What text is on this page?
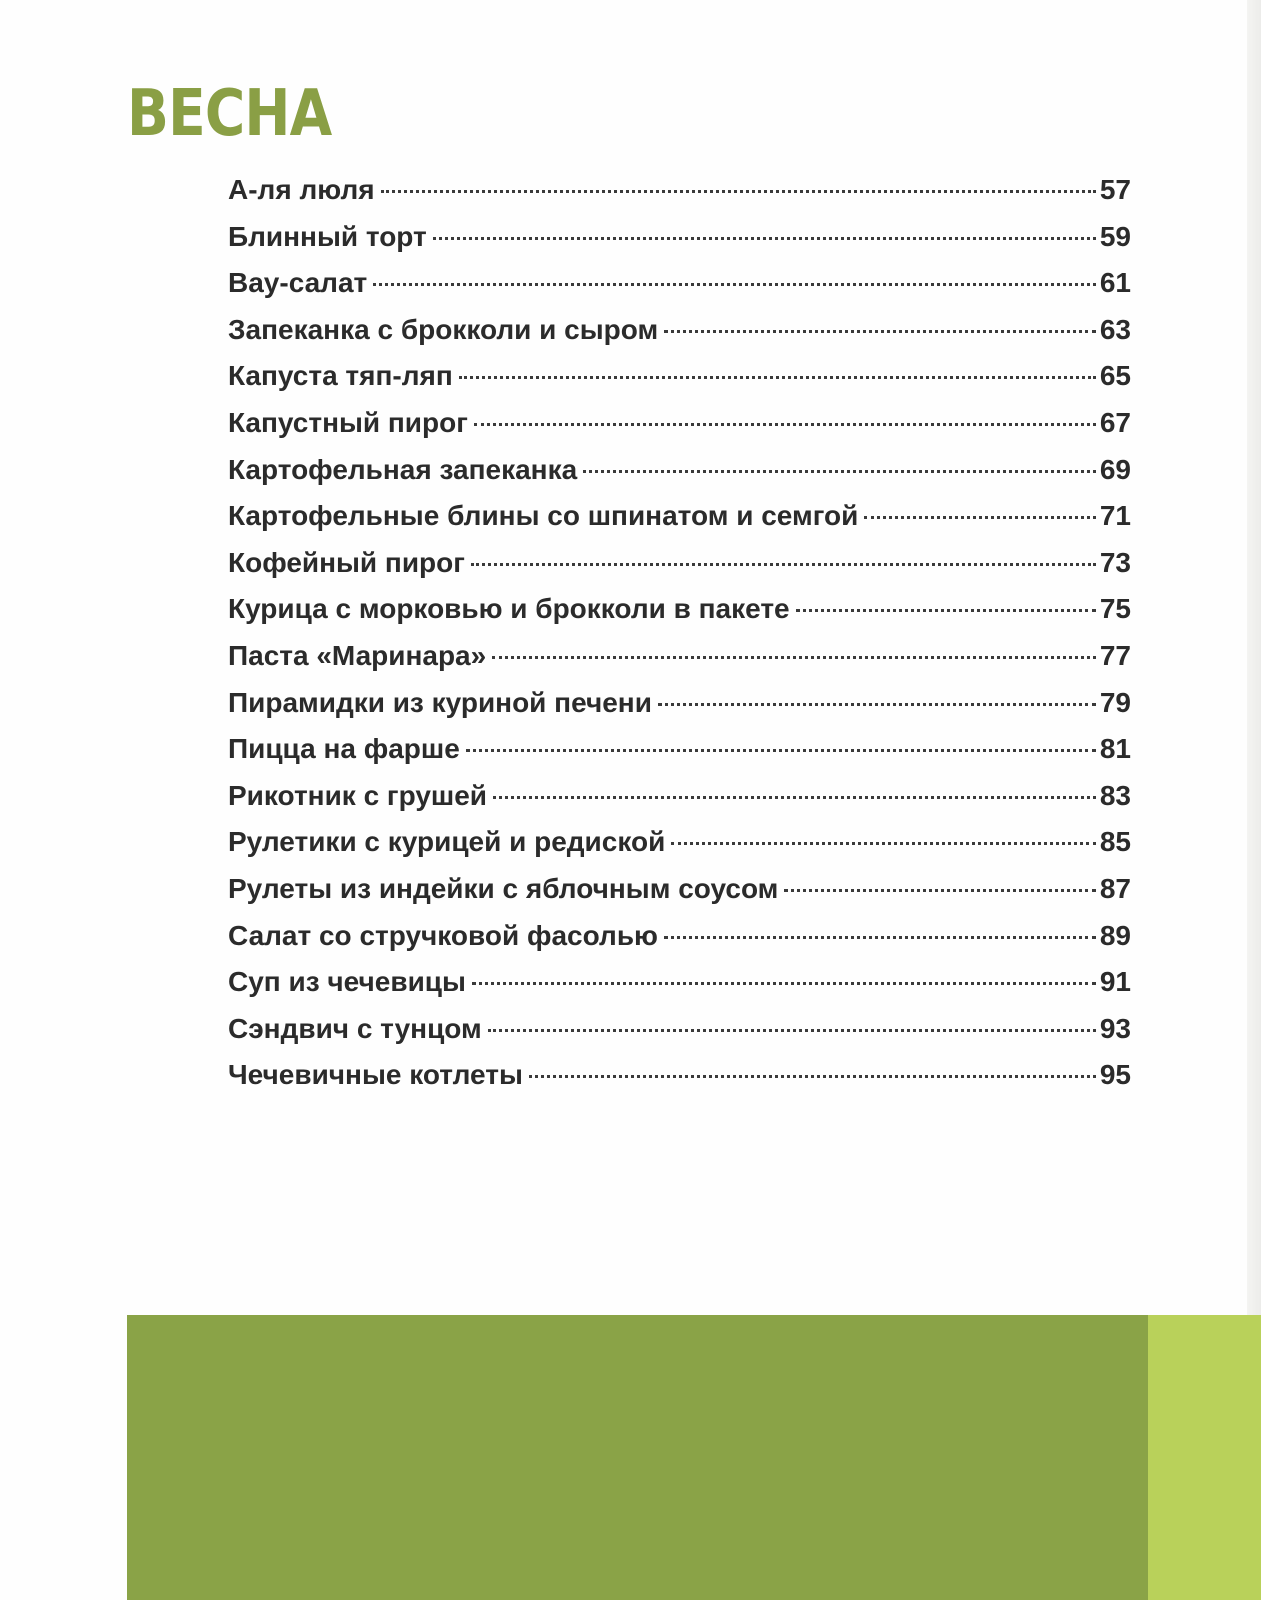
ВЕСНА
А-ля люля	57
Блинный торт	59
Вау-салат	61
Запеканка с брокколи и сыром	63
Капуста тяп-ляп	65
Капустный пирог	67
Картофельная запеканка	69
Картофельные блины со шпинатом и семгой	71
Кофейный пирог	73
Курица с морковью и брокколи в пакете	75
Паста «Маринара»	77
Пирамидки из куриной печени	79
Пицца на фарше	81
Рикотник с грушей	83
Рулетики с курицей и редиской	85
Рулеты из индейки с яблочным соусом	87
Салат со стручковой фасолью	89
Суп из чечевицы	91
Сэндвич с тунцом	93
Чечевичные котлеты	95
